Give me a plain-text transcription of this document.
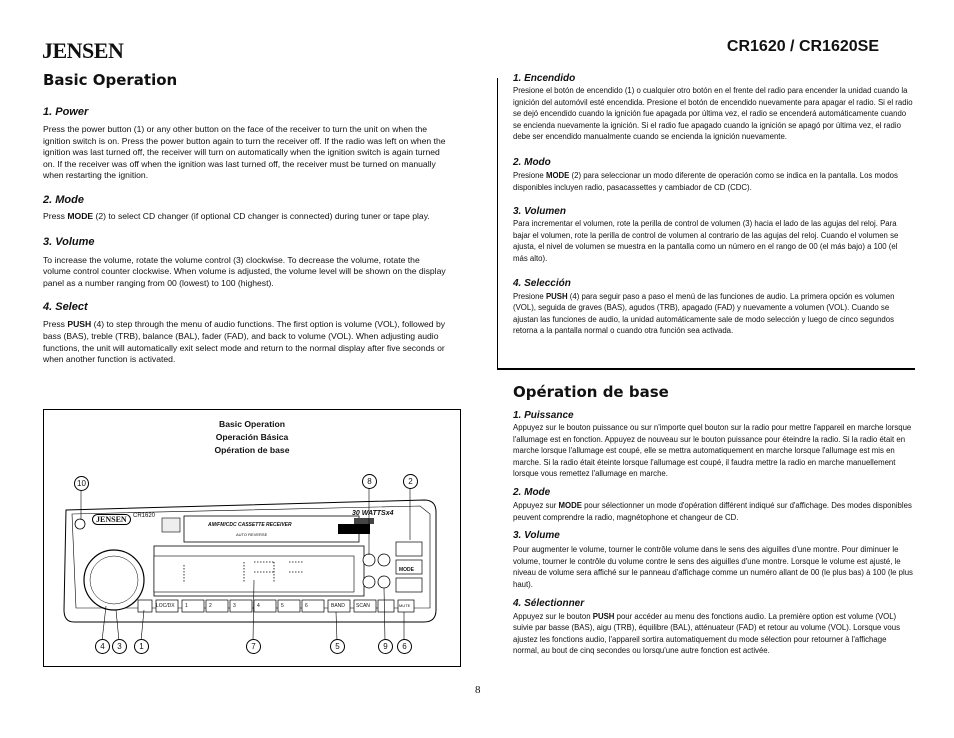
JENSEN	CR1620 / CR1620SE
Basic Operation
1. Power

Press the power button (1) or any other button on the face of the receiver to turn the unit on when the ignition switch is on. Press the power button again to turn the receiver off. If the radio was left on when the ignition was last turned off, the receiver will turn on automatically when the ignition switch is again turned on. If the receiver was off when the ignition was last turned off, the receiver must be turned on manually when restarting the ignition.

2. Mode

Press MODE (2) to select CD changer (if optional CD changer is connected) during tuner or tape play.

3. Volume

To increase the volume, rotate the volume control (3) clockwise. To decrease the volume, rotate the volume control counter clockwise. When volume is adjusted, the volume level will be shown on the display panel as a number ranging from 00 (lowest) to 100 (highest).

4. Select

Press PUSH (4) to step through the menu of audio functions. The first option is volume (VOL), followed by bass (BAS), treble (TRB), balance (BAL), fader (FAD), and back to volume (VOL). When adjusting audio functions, the unit will automatically exit select mode and return to the normal display after five seconds or when another function is activated.

Basic Operation
Operación Básica
Opération de base
JENSEN	CR1620	30 WATTSx4
AM/FM/CDC CASSETTE RECEIVER
AUTO REVERSE
MODE
LOC/DX	BAND SCAN	MUTE
1	2	3	4	5	6
10	8	2
4	3	1	7	5	9	6
1. Encendido

Presione el botón de encendido (1) o cualquier otro botón en el frente del radio para encender la unidad cuando la ignición del automóvil esté encendida. Presione el botón de encendido nuevamente para apagar el radio. Si el radio se dejó encendido cuando la ignición fue apagada por última vez, el radio se encenderá automáticamente cuando se encienda nuevamente la ignición. Si el radio fue apagado cuando la ignición se apagó por última vez, el radio debe ser encendido manualmente cuando se encienda la ignición nuevamente.

2. Modo

Presione MODE (2) para seleccionar un modo diferente de operación como se indica en la pantalla. Los modos disponibles incluyen radio, pasacassettes y cambiador de CD (CDC).

3. Volumen

Para incrementar el volumen, rote la perilla de control de volumen (3) hacia el lado de las agujas del reloj. Para bajar el volumen, rote la perilla de control de volumen al contrario de las agujas del reloj. Cuando el volumen se ajusta, el nivel de volumen se muestra en la pantalla como un número en el rango de 00 (el más bajo) a 100 (el más alto).

4. Selección

Presione PUSH (4) para seguir paso a paso el menú de las funciones de audio. La primera opción es volumen (VOL), seguida de graves (BAS), agudos (TRB), apagado (FAD) y nuevamente a volumen (VOL). Cuando se ajustan las funciones de audio, la unidad automáticamente sale de modo selección y luego de cinco segundos retorna a la pantalla normal o cuando otra función sea activada.

Opération de base
1. Puissance

Appuyez sur le bouton puissance ou sur n'importe quel bouton sur la radio pour mettre l'appareil en marche lorsque l'allumage est en fonction. Appuyez de nouveau sur le bouton puissance pour éteindre la radio. Si la radio était en marche lorsque l'allumage est coupé, elle se mettra automatiquement en marche lorsque l'allumage est mis en marche. Si la radio était éteinte lorsque l'allumage est coupé, il faudra mettre la radio en marche manuellement lorsque vous remettez l'allumage en marche.

2. Mode

Appuyez sur MODE pour sélectionner un mode d'opération différent indiqué sur d'affichage. Des modes disponibles peuvent comprendre la radio, magnétophone et changeur de CD.

3. Volume

Pour augmenter le volume, tourner le contrôle volume dans le sens des aiguilles d'une montre. Pour diminuer le volume, tourner le contrôle du volume contre le sens des aiguilles d'une montre. Lorsque le volume est ajusté, le niveau de volume sera affiché sur le panneau d'affichage comme un numéro allant de 00 (le plus bas) à 100 (le plus haut).

4. Sélectionner

Appuyez sur le bouton PUSH pour accéder au menu des fonctions audio. La première option est volume (VOL) suivie par basse (BAS), aigu (TRB), équilibre (BAL), atténuateur (FAD) et retour au volume (VOL). Lorsque vous ajustez les fonctions audio, l'appareil sortira automatiquement du mode sélection pour retourner à l'affichage normal, au bout de cinq secondes ou lorsqu'une autre fonction est activée.

8
